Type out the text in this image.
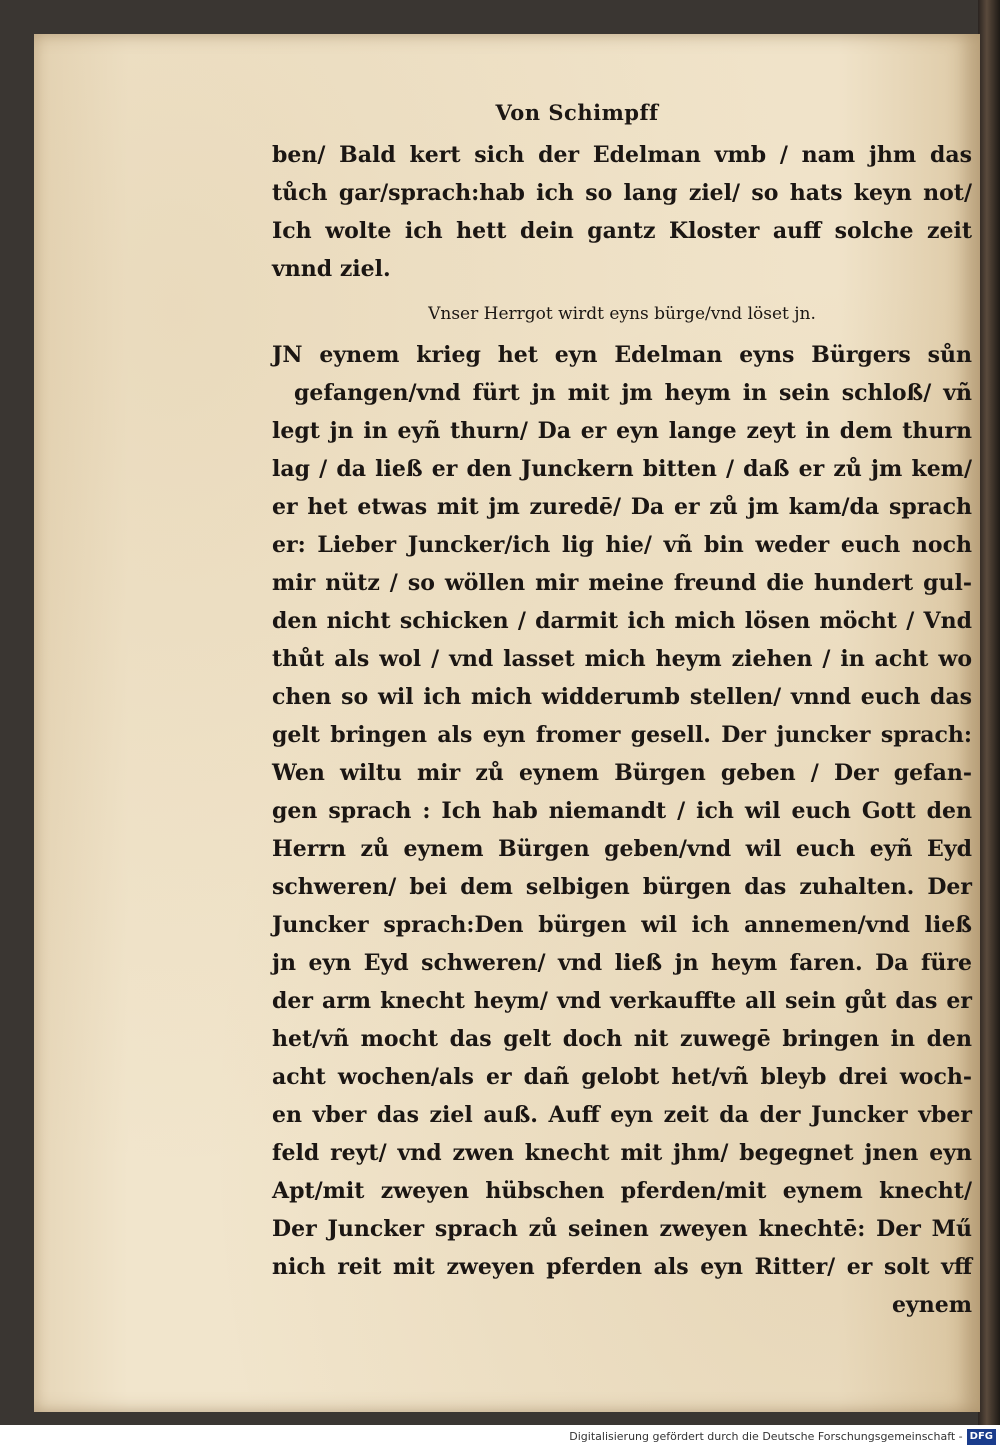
Von Schimpff
ben/ Bald kert sich der Edelman vmb / nam jhm das
tůch gar/sprach:hab ich so lang ziel/ so hats keyn not/
Ich wolte ich hett dein gantz Kloster auff solche zeit
vnnd ziel.
Vnser Herrgot wirdt eyns bürge/vnd löset jn.
JN eynem krieg het eyn Edelman eyns Bürgers sůn
gefangen/vnd fürt jn mit jm heym in sein schloß/ vñ
legt jn in eyñ thurn/ Da er eyn lange zeyt in dem thurn
lag / da ließ er den Junckern bitten / daß er zů jm kem/
er het etwas mit jm zuredē/ Da er zů jm kam/da sprach
er: Lieber Juncker/ich lig hie/ vñ bin weder euch noch
mir nütz / so wöllen mir meine freund die hundert gul-
den nicht schicken / darmit ich mich lösen möcht / Vnd
thůt als wol / vnd lasset mich heym ziehen / in acht wo
chen so wil ich mich widderumb stellen/ vnnd euch das
gelt bringen als eyn fromer gesell. Der juncker sprach:
Wen wiltu mir zů eynem Bürgen geben / Der gefan-
gen sprach : Ich hab niemandt / ich wil euch Gott den
Herrn zů eynem Bürgen geben/vnd wil euch eyñ Eyd
schweren/ bei dem selbigen bürgen das zuhalten. Der
Juncker sprach:Den bürgen wil ich annemen/vnd ließ
jn eyn Eyd schweren/ vnd ließ jn heym faren. Da füre
der arm knecht heym/ vnd verkauffte all sein gůt das er
het/vñ mocht das gelt doch nit zuwegē bringen in den
acht wochen/als er dañ gelobt het/vñ bleyb drei woch-
en vber das ziel auß. Auff eyn zeit da der Juncker vber
feld reyt/ vnd zwen knecht mit jhm/ begegnet jnen eyn
Apt/mit zweyen hübschen pferden/mit eynem knecht/
Der Juncker sprach zů seinen zweyen knechtē: Der Mű
nich reit mit zweyen pferden als eyn Ritter/ er solt vff
eynem
Digitalisierung gefördert durch die Deutsche Forschungsgemeinschaft - DFG
